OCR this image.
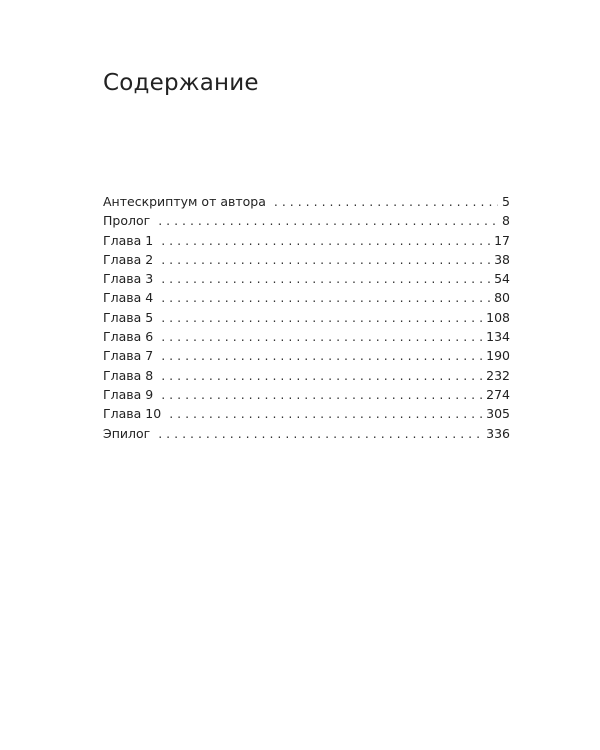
Содержание
Антескриптум от автора . . .	5
Пролог . . .	8
Глава 1 . . .	17
Глава 2 . . .	38
Глава 3 . . .	54
Глава 4 . . .	80
Глава 5 . . .	108
Глава 6 . . .	134
Глава 7 . . .	190
Глава 8 . . .	232
Глава 9 . . .	274
Глава 10 . . .	305
Эпилог . . .	336
